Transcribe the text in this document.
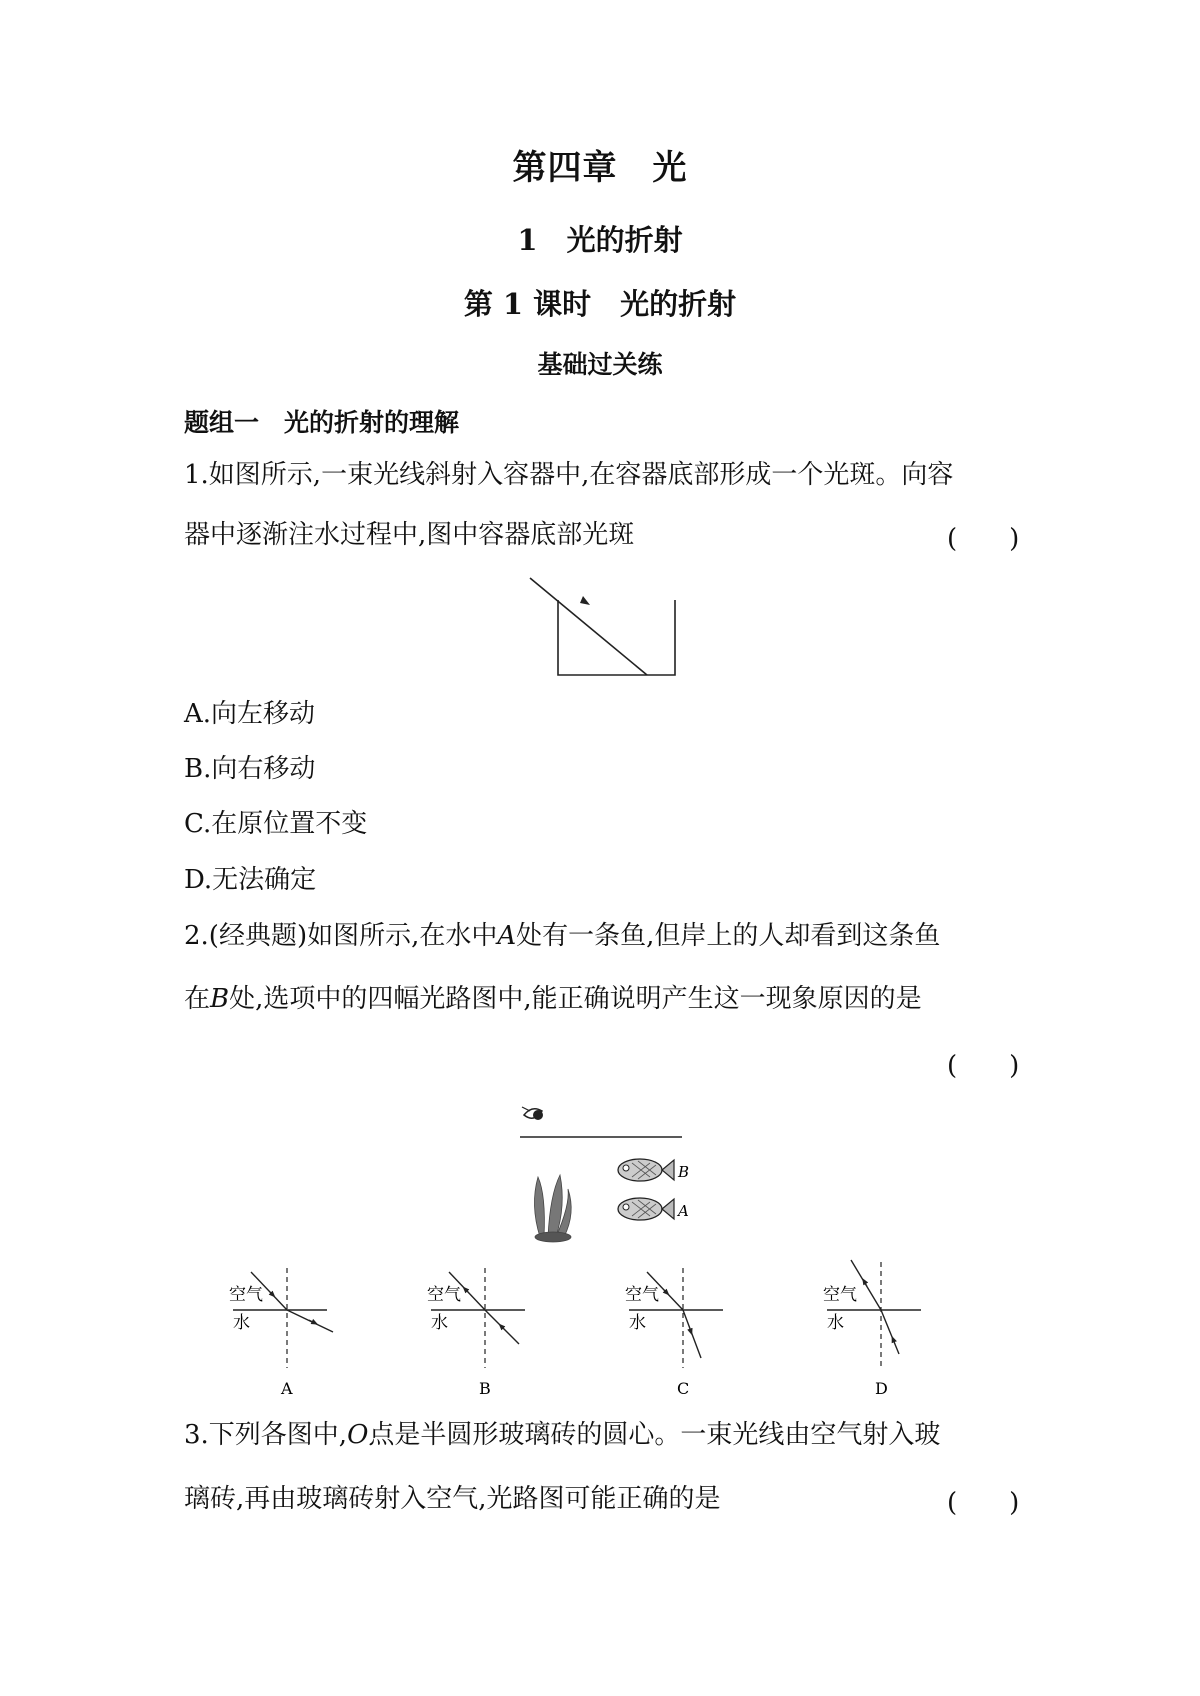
第四章　光
1　光的折射
第 1 课时　光的折射
基础过关练
题组一　光的折射的理解
1.如图所示,一束光线斜射入容器中,在容器底部形成一个光斑。向容
器中逐渐注水过程中,图中容器底部光斑	(　　)
A.向左移动
B.向右移动
C.在原位置不变
D.无法确定
2.(经典题)如图所示,在水中A处有一条鱼,但岸上的人却看到这条鱼
在B处,选项中的四幅光路图中,能正确说明产生这一现象原因的是
(　　)
B
A
空气
水
A
空气
水
B
空气
水
C
空气
水
D
3.下列各图中,O点是半圆形玻璃砖的圆心。一束光线由空气射入玻
璃砖,再由玻璃砖射入空气,光路图可能正确的是	(　　)
